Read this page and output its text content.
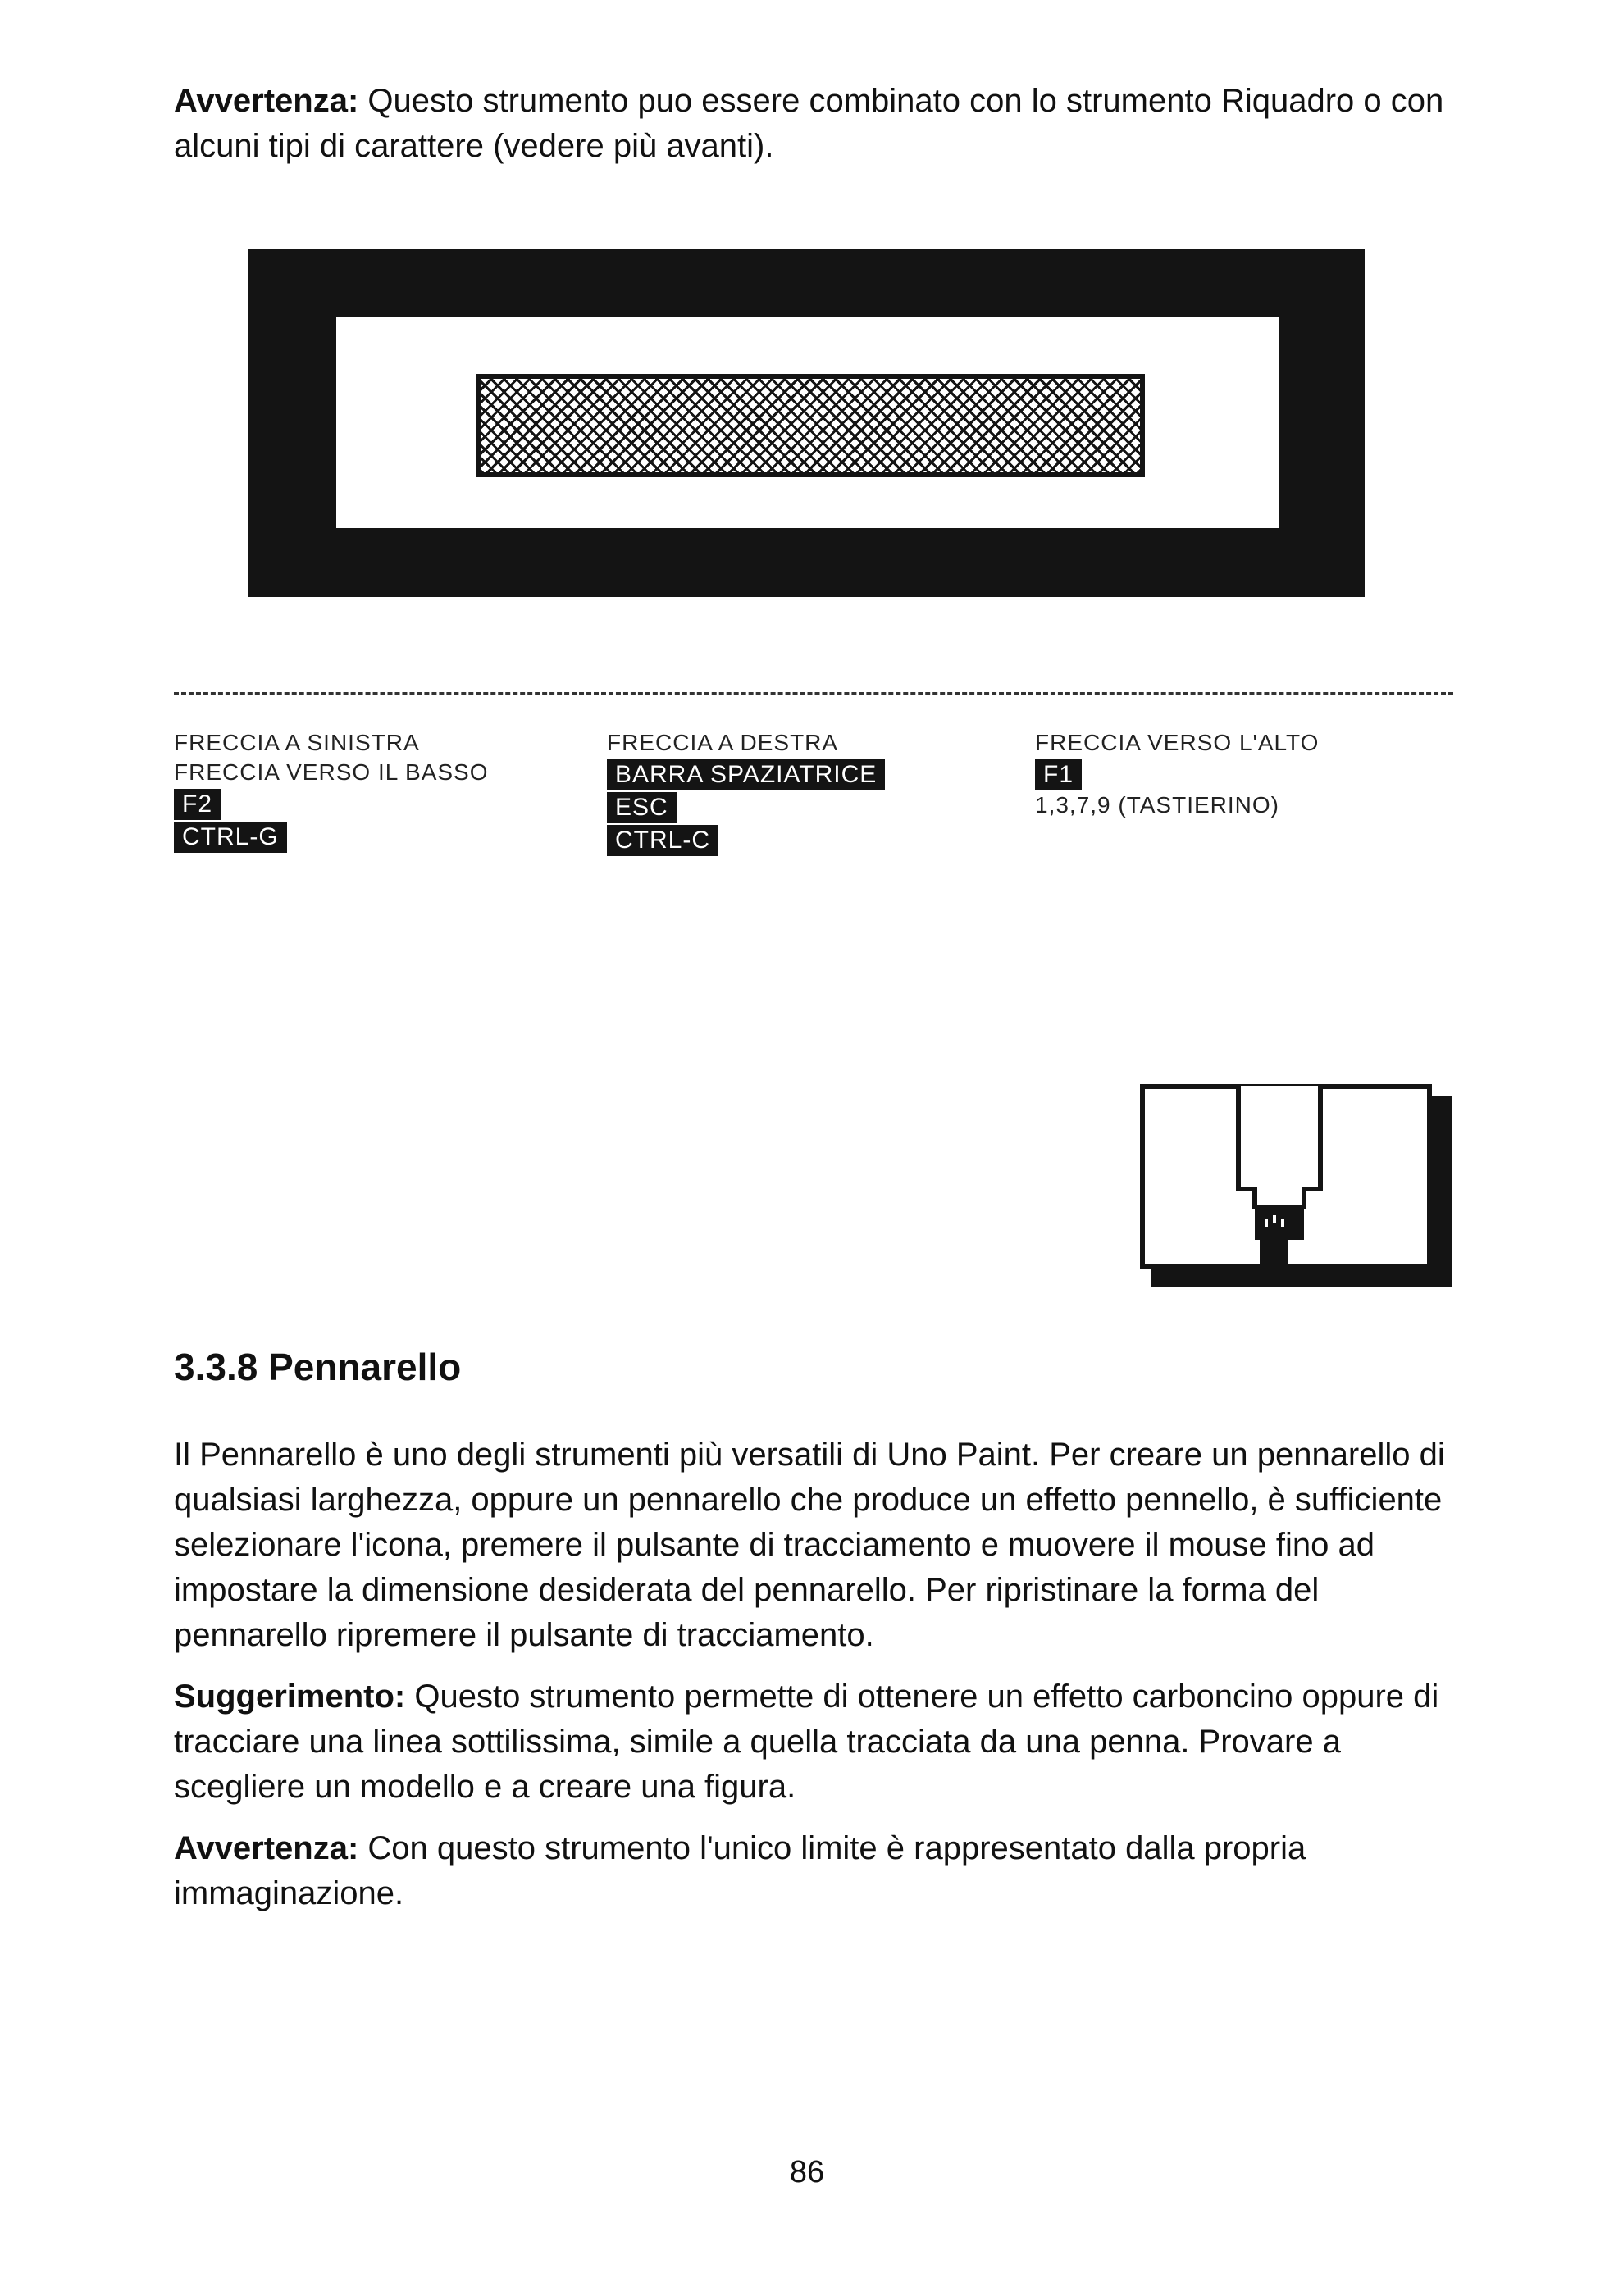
Avvertenza: Questo strumento puo essere combinato con lo strumento Riquadro o con alcuni tipi di carattere (vedere più avanti).

FRECCIA A SINISTRA
FRECCIA VERSO IL BASSO
F2
CTRL-G
FRECCIA A DESTRA
BARRA SPAZIATRICE
ESC
CTRL-C
FRECCIA VERSO L'ALTO
F1
1,3,7,9 (TASTIERINO)
3.3.8 Pennarello

Il Pennarello è uno degli strumenti più versatili di Uno Paint. Per creare un pennarello di qualsiasi larghezza, oppure un pennarello che produce un effetto pennello, è sufficiente selezionare l'icona, premere il pulsante di tracciamento e muovere il mouse fino ad impostare la dimensione desiderata del pennarello. Per ripristinare la forma del pennarello ripremere il pulsante di tracciamento.

Suggerimento: Questo strumento permette di ottenere un effetto carboncino oppure di tracciare una linea sottilissima, simile a quella tracciata da una penna. Provare a scegliere un modello e a creare una figura.

Avvertenza: Con questo strumento l'unico limite è rappresentato dalla propria immaginazione.

86
